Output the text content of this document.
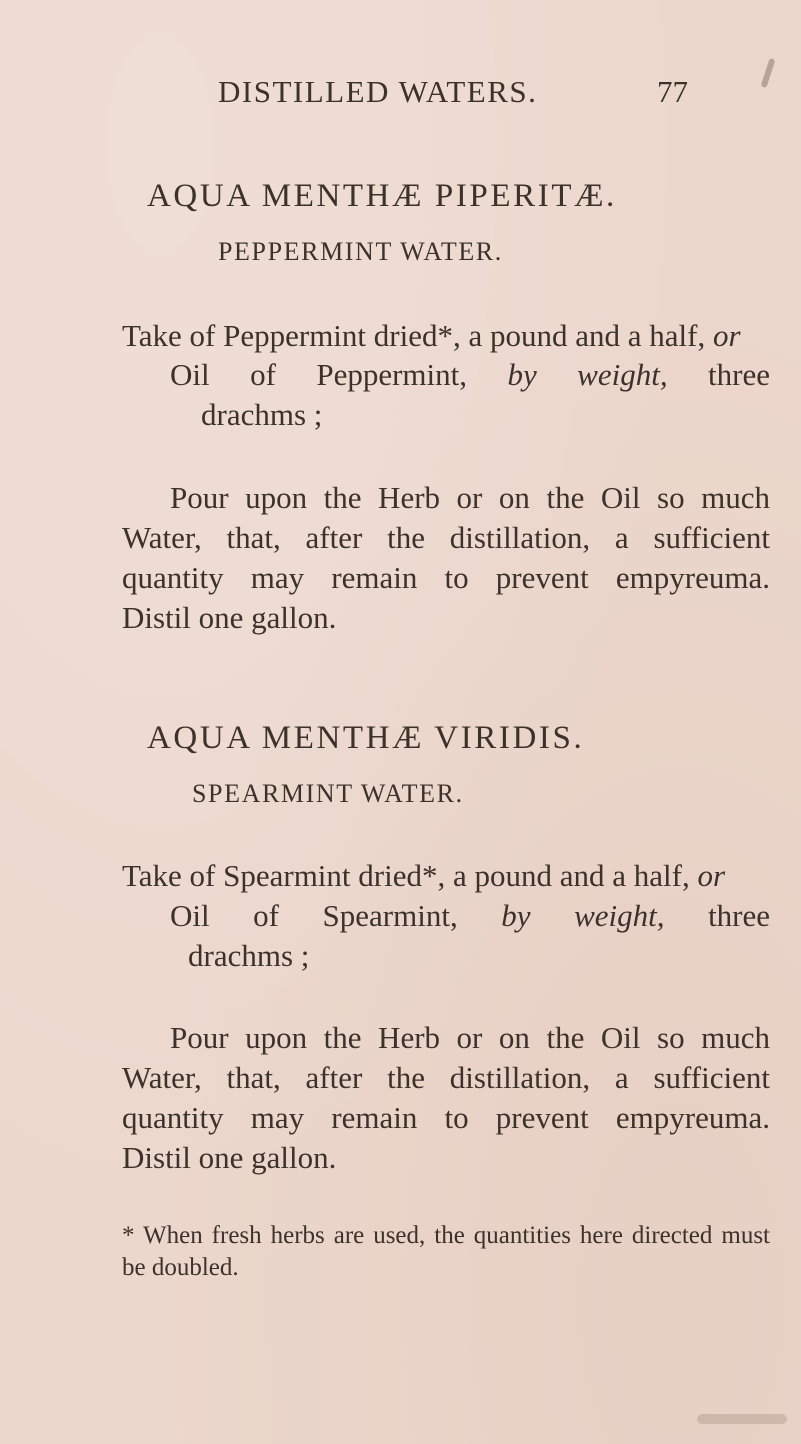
DISTILLED WATERS.	77
AQUA MENTHÆ PIPERITÆ.
PEPPERMINT WATER.
Take of Peppermint dried*, a pound and a half, or
Oil of Peppermint, by weight, three
drachms ;
Pour upon the Herb or on the Oil so much
Water, that, after the distillation, a sufficient
quantity may remain to prevent empyreuma.
Distil one gallon.
AQUA MENTHÆ VIRIDIS.
SPEARMINT WATER.
Take of Spearmint dried*, a pound and a half, or
Oil of Spearmint, by weight, three
drachms ;
Pour upon the Herb or on the Oil so much
Water, that, after the distillation, a sufficient
quantity may remain to prevent empyreuma.
Distil one gallon.
* When fresh herbs are used, the quantities here directed must
be doubled.
